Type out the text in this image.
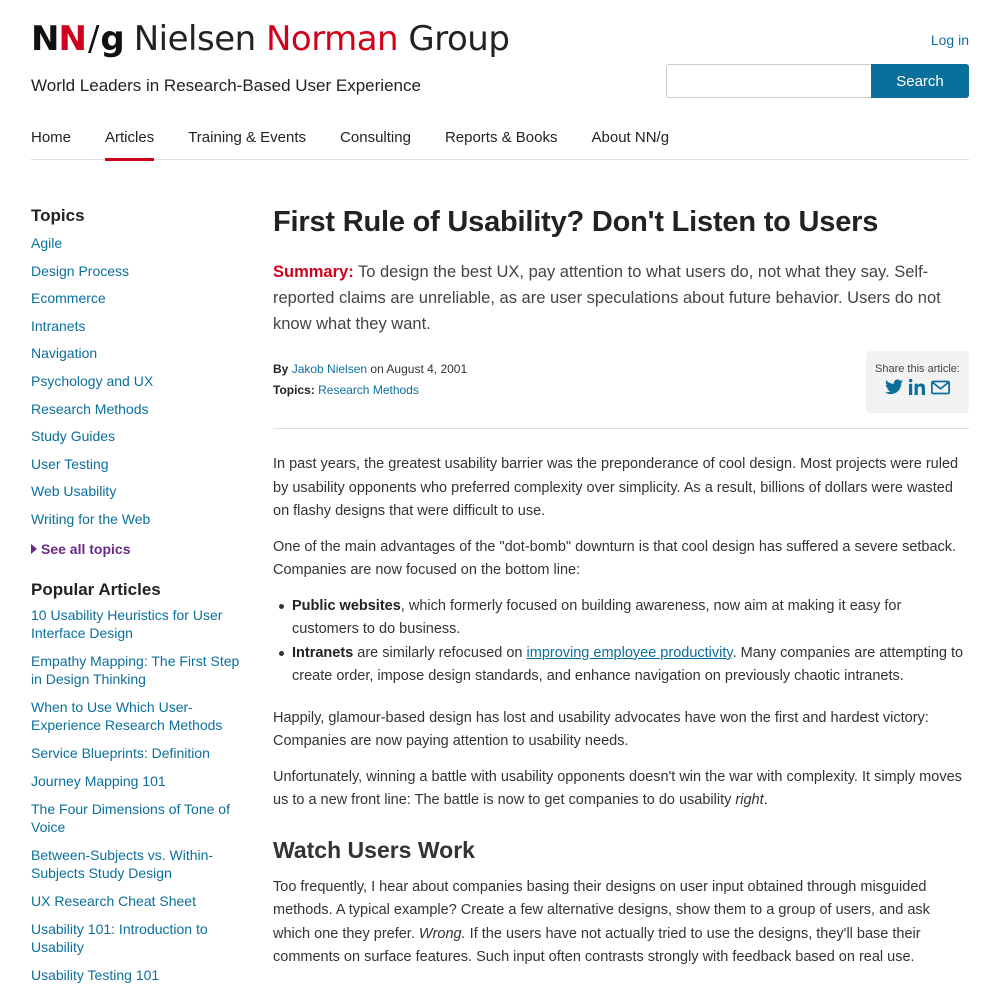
NN/g Nielsen Norman Group
World Leaders in Research-Based User Experience
Log in
Search
Home Articles Training & Events Consulting Reports & Books About NN/g
Topics
Agile
Design Process
Ecommerce
Intranets
Navigation
Psychology and UX
Research Methods
Study Guides
User Testing
Web Usability
Writing for the Web
See all topics
Popular Articles
10 Usability Heuristics for User Interface Design
Empathy Mapping: The First Step in Design Thinking
When to Use Which User-Experience Research Methods
Service Blueprints: Definition
Journey Mapping 101
The Four Dimensions of Tone of Voice
Between-Subjects vs. Within-Subjects Study Design
UX Research Cheat Sheet
Usability 101: Introduction to Usability
Usability Testing 101
First Rule of Usability? Don't Listen to Users
Summary: To design the best UX, pay attention to what users do, not what they say. Self-reported claims are unreliable, as are user speculations about future behavior. Users do not know what they want.
By Jakob Nielsen on August 4, 2001
Topics: Research Methods
Share this article:

In past years, the greatest usability barrier was the preponderance of cool design. Most projects were ruled by usability opponents who preferred complexity over simplicity. As a result, billions of dollars were wasted on flashy designs that were difficult to use.

One of the main advantages of the "dot-bomb" downturn is that cool design has suffered a severe setback. Companies are now focused on the bottom line:

Public websites, which formerly focused on building awareness, now aim at making it easy for customers to do business.
Intranets are similarly refocused on improving employee productivity. Many companies are attempting to create order, impose design standards, and enhance navigation on previously chaotic intranets.

Happily, glamour-based design has lost and usability advocates have won the first and hardest victory: Companies are now paying attention to usability needs.

Unfortunately, winning a battle with usability opponents doesn't win the war with complexity. It simply moves us to a new front line: The battle is now to get companies to do usability right.

Watch Users Work

Too frequently, I hear about companies basing their designs on user input obtained through misguided methods. A typical example? Create a few alternative designs, show them to a group of users, and ask which one they prefer. Wrong. If the users have not actually tried to use the designs, they'll base their comments on surface features. Such input often contrasts strongly with feedback based on real use.
